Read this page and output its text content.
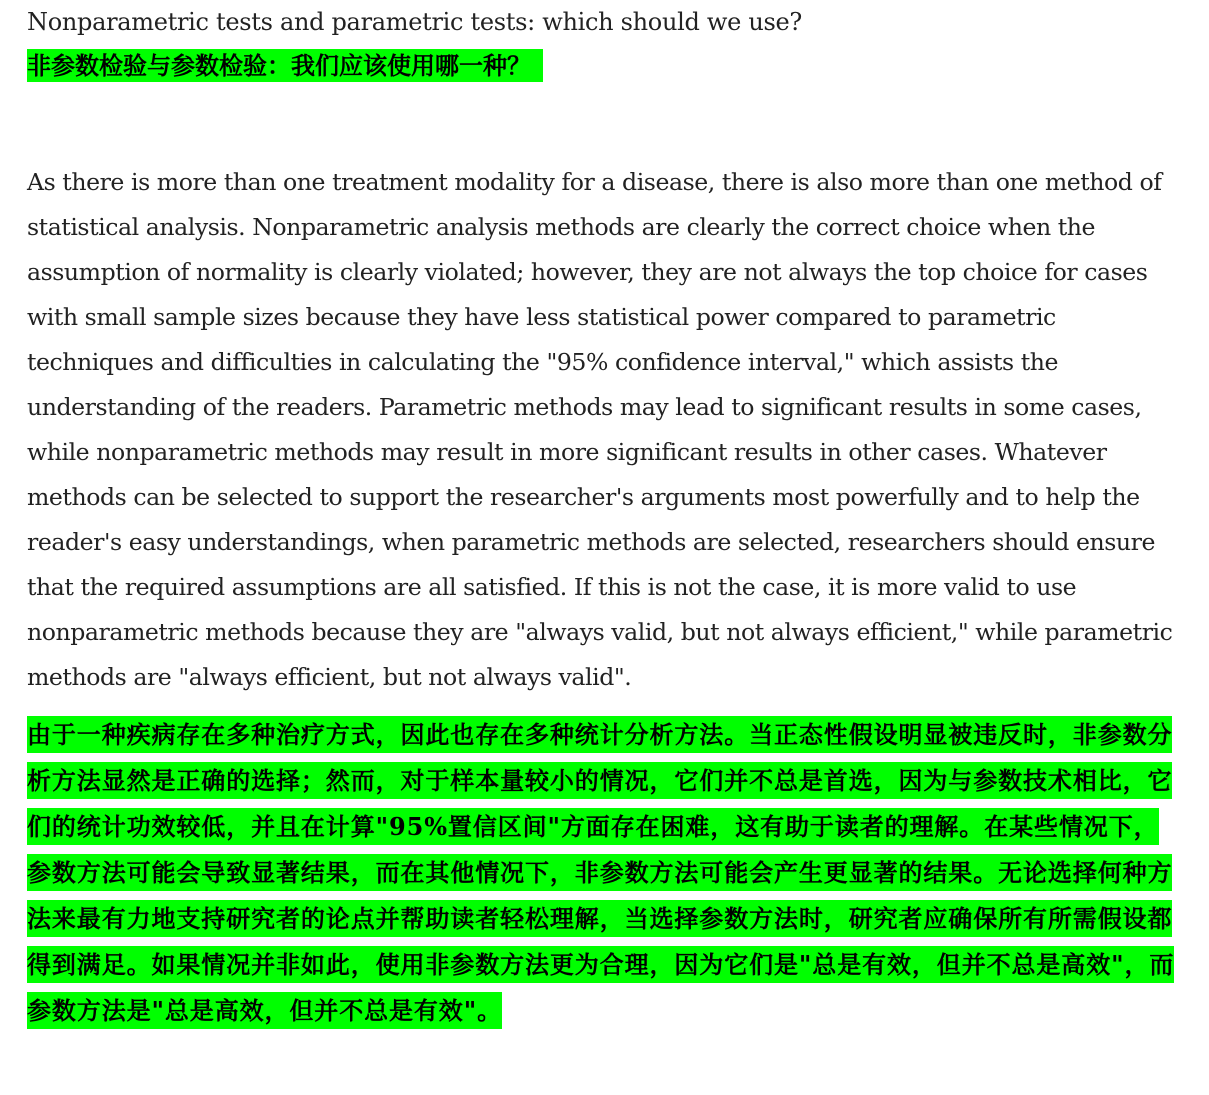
Nonparametric tests and parametric tests: which should we use?
非参数检验与参数检验：我们应该使用哪一种？

As there is more than one treatment modality for a disease, there is also more than one method of statistical analysis. Nonparametric analysis methods are clearly the correct choice when the assumption of normality is clearly violated; however, they are not always the top choice for cases with small sample sizes because they have less statistical power compared to parametric techniques and difficulties in calculating the "95% confidence interval," which assists the understanding of the readers. Parametric methods may lead to significant results in some cases, while nonparametric methods may result in more significant results in other cases. Whatever methods can be selected to support the researcher's arguments most powerfully and to help the reader's easy understandings, when parametric methods are selected, researchers should ensure that the required assumptions are all satisfied. If this is not the case, it is more valid to use nonparametric methods because they are "always valid, but not always efficient," while parametric methods are "always efficient, but not always valid".

由于一种疾病存在多种治疗方式，因此也存在多种统计分析方法。当正态性假设明显被违反时，非参数分析方法显然是正确的选择；然而，对于样本量较小的情况，它们并不总是首选，因为与参数技术相比，它们的统计功效较低，并且在计算"95%置信区间"方面存在困难，这有助于读者的理解。在某些情况下，参数方法可能会导致显著结果，而在其他情况下，非参数方法可能会产生更显著的结果。无论选择何种方法来最有力地支持研究者的论点并帮助读者轻松理解，当选择参数方法时，研究者应确保所有所需假设都得到满足。如果情况并非如此，使用非参数方法更为合理，因为它们是"总是有效，但并不总是高效"，而参数方法是"总是高效，但并不总是有效"。
